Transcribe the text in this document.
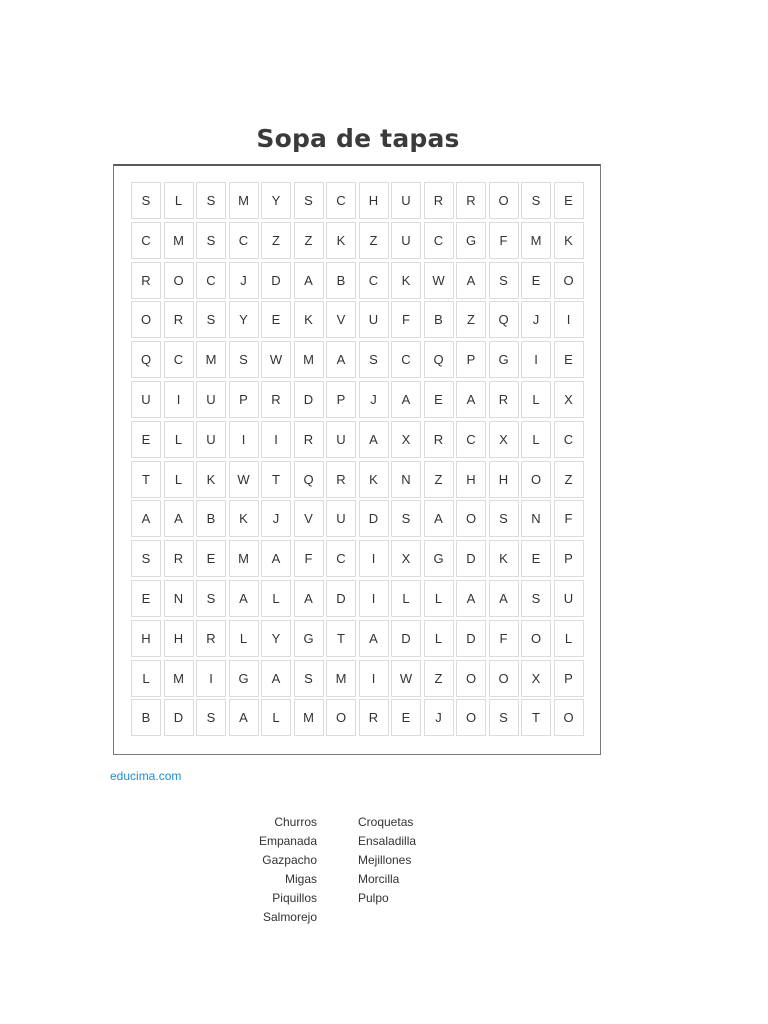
Sopa de tapas
S	L	S	M	Y	S	C	H	U	R	R	O	S	E
C	M	S	C	Z	Z	K	Z	U	C	G	F	M	K
R	O	C	J	D	A	B	C	K	W	A	S	E	O
O	R	S	Y	E	K	V	U	F	B	Z	Q	J	I
Q	C	M	S	W	M	A	S	C	Q	P	G	I	E
U	I	U	P	R	D	P	J	A	E	A	R	L	X
E	L	U	I	I	R	U	A	X	R	C	X	L	C
T	L	K	W	T	Q	R	K	N	Z	H	H	O	Z
A	A	B	K	J	V	U	D	S	A	O	S	N	F
S	R	E	M	A	F	C	I	X	G	D	K	E	P
E	N	S	A	L	A	D	I	L	L	A	A	S	U
H	H	R	L	Y	G	T	A	D	L	D	F	O	L
L	M	I	G	A	S	M	I	W	Z	O	O	X	P
B	D	S	A	L	M	O	R	E	J	O	S	T	O
educima.com
Churros
Empanada
Gazpacho
Migas
Piquillos
Salmorejo
Croquetas
Ensaladilla
Mejillones
Morcilla
Pulpo
